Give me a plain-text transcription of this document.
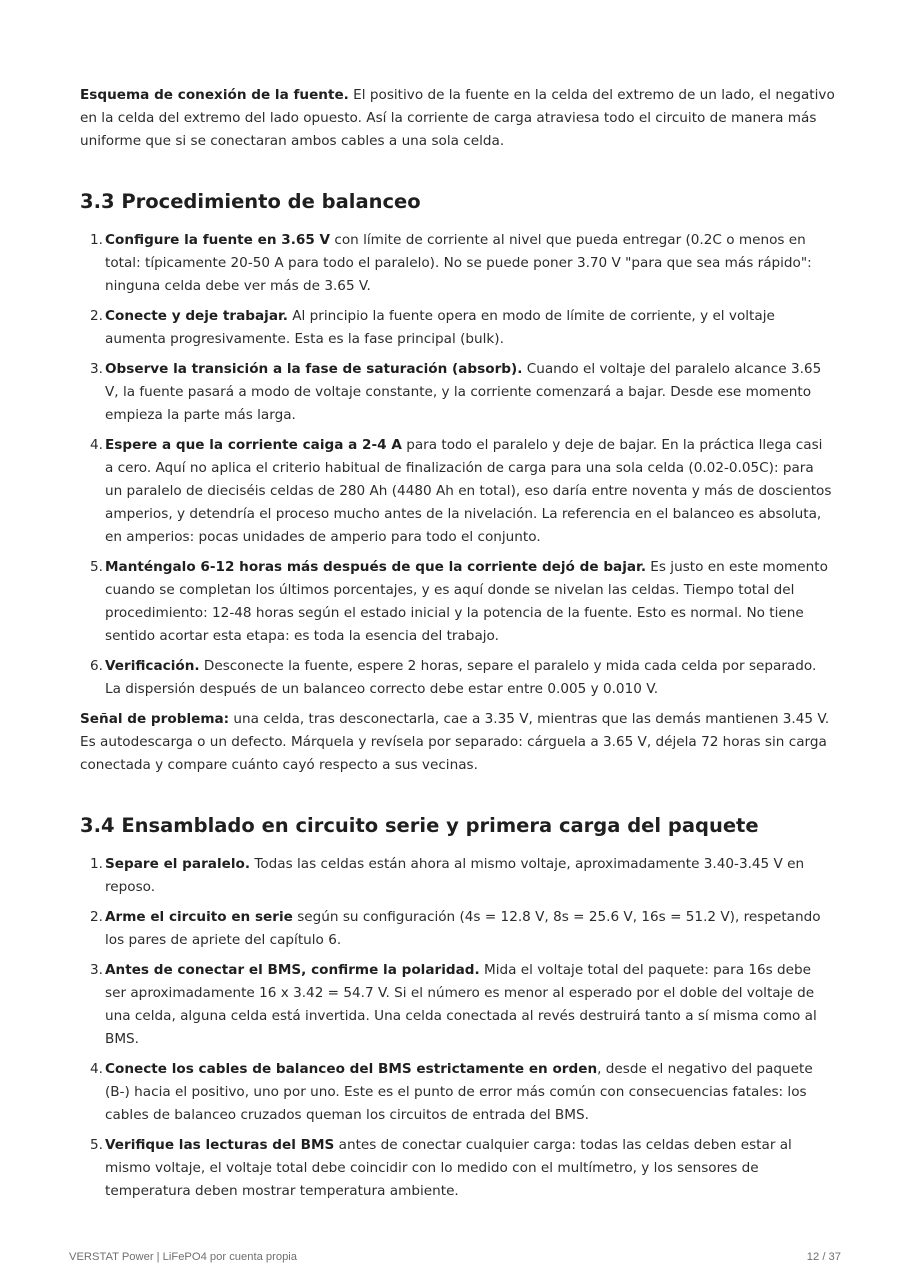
Esquema de conexión de la fuente. El positivo de la fuente en la celda del extremo de un lado, el negativo en la celda del extremo del lado opuesto. Así la corriente de carga atraviesa todo el circuito de manera más uniforme que si se conectaran ambos cables a una sola celda.

3.3 Procedimiento de balanceo
1. Configure la fuente en 3.65 V con límite de corriente al nivel que pueda entregar (0.2C o menos en total: típicamente 20-50 A para todo el paralelo). No se puede poner 3.70 V "para que sea más rápido": ninguna celda debe ver más de 3.65 V.
2. Conecte y deje trabajar. Al principio la fuente opera en modo de límite de corriente, y el voltaje aumenta progresivamente. Esta es la fase principal (bulk).
3. Observe la transición a la fase de saturación (absorb). Cuando el voltaje del paralelo alcance 3.65 V, la fuente pasará a modo de voltaje constante, y la corriente comenzará a bajar. Desde ese momento empieza la parte más larga.
4. Espere a que la corriente caiga a 2-4 A para todo el paralelo y deje de bajar. En la práctica llega casi a cero. Aquí no aplica el criterio habitual de finalización de carga para una sola celda (0.02-0.05C): para un paralelo de dieciséis celdas de 280 Ah (4480 Ah en total), eso daría entre noventa y más de doscientos amperios, y detendría el proceso mucho antes de la nivelación. La referencia en el balanceo es absoluta, en amperios: pocas unidades de amperio para todo el conjunto.
5. Manténgalo 6-12 horas más después de que la corriente dejó de bajar. Es justo en este momento cuando se completan los últimos porcentajes, y es aquí donde se nivelan las celdas. Tiempo total del procedimiento: 12-48 horas según el estado inicial y la potencia de la fuente. Esto es normal. No tiene sentido acortar esta etapa: es toda la esencia del trabajo.
6. Verificación. Desconecte la fuente, espere 2 horas, separe el paralelo y mida cada celda por separado. La dispersión después de un balanceo correcto debe estar entre 0.005 y 0.010 V.

Señal de problema: una celda, tras desconectarla, cae a 3.35 V, mientras que las demás mantienen 3.45 V. Es autodescarga o un defecto. Márquela y revísela por separado: cárguela a 3.65 V, déjela 72 horas sin carga conectada y compare cuánto cayó respecto a sus vecinas.

3.4 Ensamblado en circuito serie y primera carga del paquete
1. Separe el paralelo. Todas las celdas están ahora al mismo voltaje, aproximadamente 3.40-3.45 V en reposo.
2. Arme el circuito en serie según su configuración (4s = 12.8 V, 8s = 25.6 V, 16s = 51.2 V), respetando los pares de apriete del capítulo 6.
3. Antes de conectar el BMS, confirme la polaridad. Mida el voltaje total del paquete: para 16s debe ser aproximadamente 16 x 3.42 = 54.7 V. Si el número es menor al esperado por el doble del voltaje de una celda, alguna celda está invertida. Una celda conectada al revés destruirá tanto a sí misma como al BMS.
4. Conecte los cables de balanceo del BMS estrictamente en orden, desde el negativo del paquete (B-) hacia el positivo, uno por uno. Este es el punto de error más común con consecuencias fatales: los cables de balanceo cruzados queman los circuitos de entrada del BMS.
5. Verifique las lecturas del BMS antes de conectar cualquier carga: todas las celdas deben estar al mismo voltaje, el voltaje total debe coincidir con lo medido con el multímetro, y los sensores de temperatura deben mostrar temperatura ambiente.
VERSTAT Power | LiFePO4 por cuenta propia	12 / 37
